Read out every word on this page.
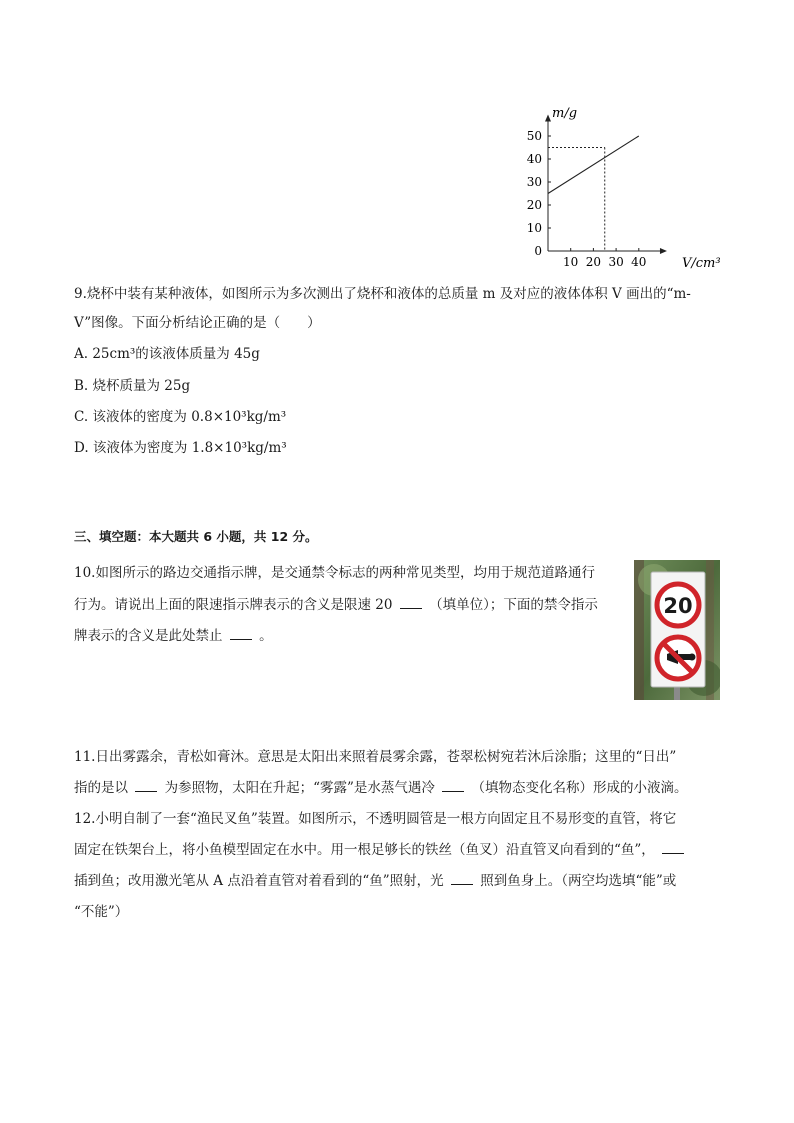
10 20 30 40
0
10
20
30
40
50
m/g
V/cm³
9.烧杯中装有某种液体，如图所示为多次测出了烧杯和液体的总质量 m 及对应的液体体积 V 画出的“m-
V”图像。下面分析结论正确的是（　　）
A. 25cm³的该液体质量为 45g
B. 烧杯质量为 25g
C. 该液体的密度为 0.8×10³kg/m³
D. 该液体为密度为 1.8×10³kg/m³
三、填空题：本大题共 6 小题，共 12 分。
10.如图所示的路边交通指示牌，是交通禁令标志的两种常见类型，均用于规范道路通行
行为。请说出上面的限速指示牌表示的含义是限速 20	（填单位）；下面的禁令指示
牌表示的含义是此处禁止	。
20
11.日出雾露余，青松如膏沐。意思是太阳出来照着晨雾余露，苍翠松树宛若沐后涂脂；这里的“日出”
指的是以	为参照物，太阳在升起；“雾露”是水蒸气遇冷	（填物态变化名称）形成的小液滴。
12.小明自制了一套“渔民叉鱼”装置。如图所示，不透明圆管是一根方向固定且不易形变的直管，将它
固定在铁架台上，将小鱼模型固定在水中。用一根足够长的铁丝（鱼叉）沿直管叉向看到的“鱼”，
插到鱼；改用激光笔从 A 点沿着直管对着看到的“鱼”照射，光	照到鱼身上。（两空均选填“能”或
“不能”）
